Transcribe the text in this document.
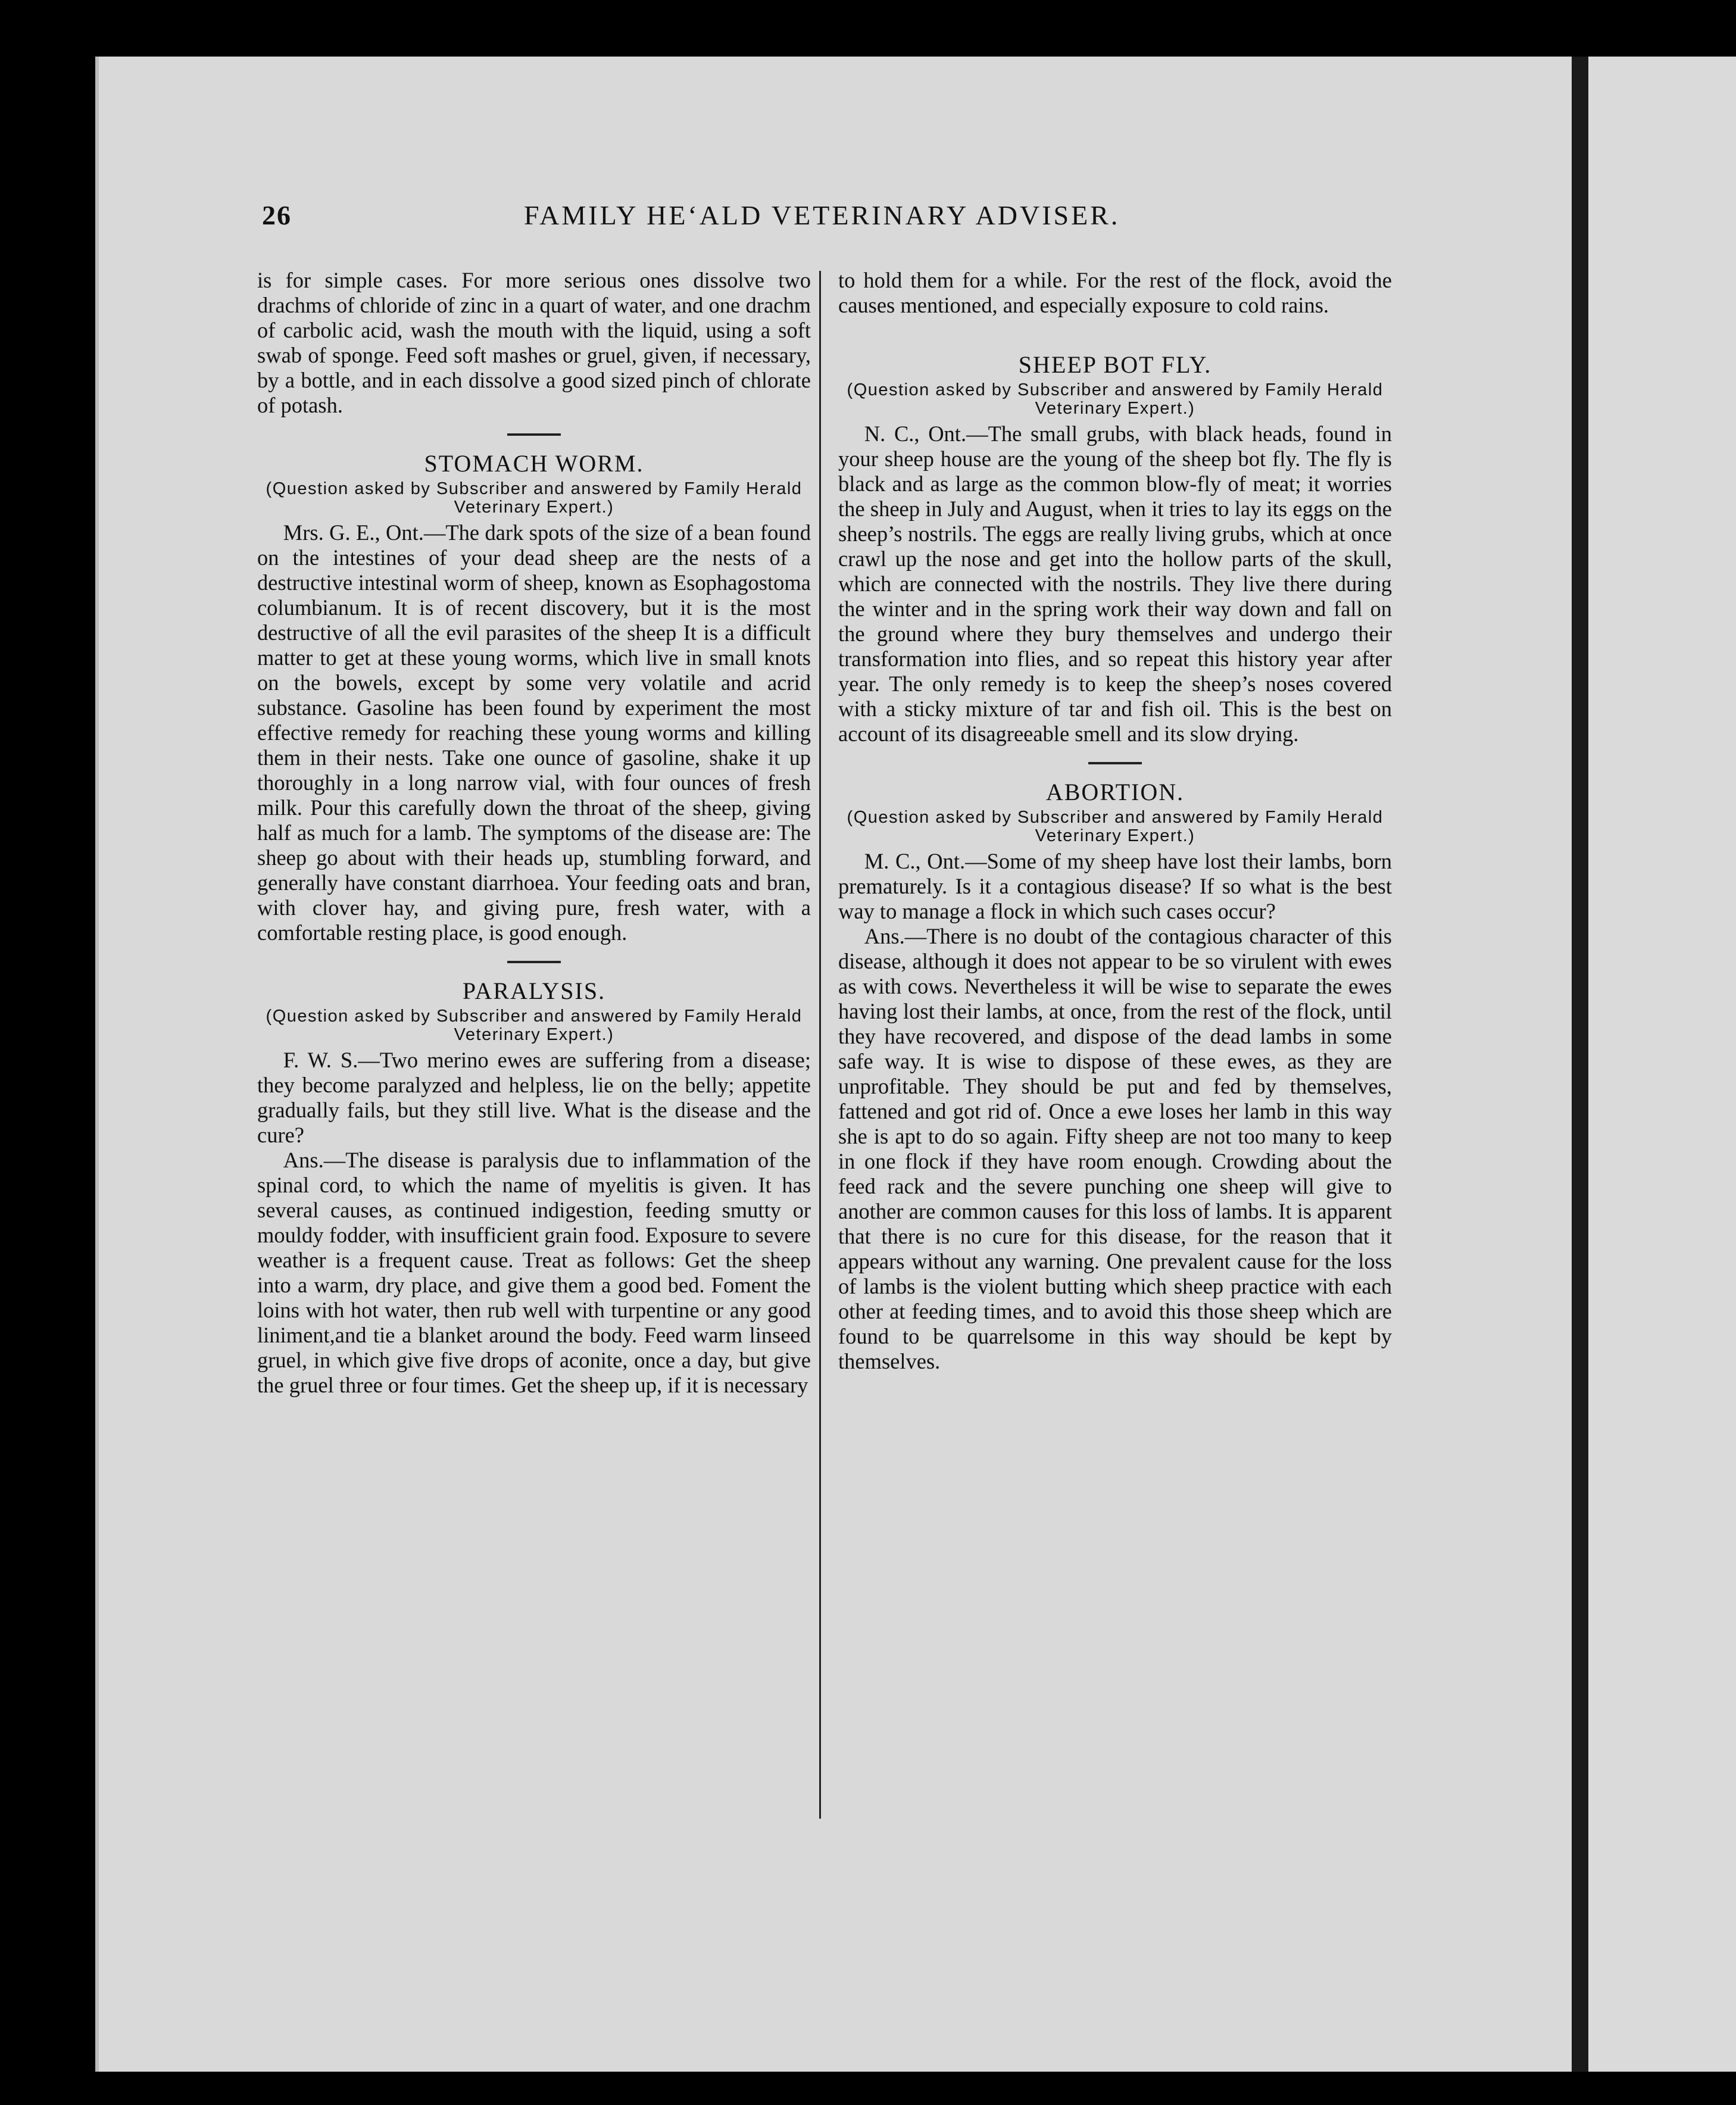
26	FAMILY HE‘ALD VETERINARY ADVISER.

is for simple cases. For more serious ones dissolve two drachms of chloride of zinc in a quart of water, and one drachm of carbolic acid, wash the mouth with the liquid, using a soft swab of sponge. Feed soft mashes or gruel, given, if necessary, by a bottle, and in each dissolve a good sized pinch of chlorate of potash.

STOMACH WORM.
(Question asked by Subscriber and answered by Family Herald Veterinary Expert.)

Mrs. G. E., Ont.—The dark spots of the size of a bean found on the intestines of your dead sheep are the nests of a destructive intestinal worm of sheep, known as Esophagostoma columbianum. It is of recent discovery, but it is the most destructive of all the evil parasites of the sheep It is a difficult matter to get at these young worms, which live in small knots on the bowels, except by some very volatile and acrid substance. Gasoline has been found by experiment the most effective remedy for reaching these young worms and killing them in their nests. Take one ounce of gasoline, shake it up thoroughly in a long narrow vial, with four ounces of fresh milk. Pour this carefully down the throat of the sheep, giving half as much for a lamb. The symptoms of the disease are: The sheep go about with their heads up, stumbling forward, and generally have constant diarrhoea. Your feeding oats and bran, with clover hay, and giving pure, fresh water, with a comfortable resting place, is good enough.

PARALYSIS.
(Question asked by Subscriber and answered by Family Herald Veterinary Expert.)

F. W. S.—Two merino ewes are suffering from a disease; they become paralyzed and helpless, lie on the belly; appetite gradually fails, but they still live. What is the disease and the cure?

Ans.—The disease is paralysis due to inflammation of the spinal cord, to which the name of myelitis is given. It has several causes, as continued indigestion, feeding smutty or mouldy fodder, with insufficient grain food. Exposure to severe weather is a frequent cause. Treat as follows: Get the sheep into a warm, dry place, and give them a good bed. Foment the loins with hot water, then rub well with turpentine or any good liniment,and tie a blanket around the body. Feed warm linseed gruel, in which give five drops of aconite, once a day, but give the gruel three or four times. Get the sheep up, if it is necessary

to hold them for a while. For the rest of the flock, avoid the causes mentioned, and especially exposure to cold rains.

SHEEP BOT FLY.
(Question asked by Subscriber and answered by Family Herald Veterinary Expert.)

N. C., Ont.—The small grubs, with black heads, found in your sheep house are the young of the sheep bot fly. The fly is black and as large as the common blow-fly of meat; it worries the sheep in July and August, when it tries to lay its eggs on the sheep’s nostrils. The eggs are really living grubs, which at once crawl up the nose and get into the hollow parts of the skull, which are connected with the nostrils. They live there during the winter and in the spring work their way down and fall on the ground where they bury themselves and undergo their transformation into flies, and so repeat this history year after year. The only remedy is to keep the sheep’s noses covered with a sticky mixture of tar and fish oil. This is the best on account of its disagreeable smell and its slow drying.

ABORTION.
(Question asked by Subscriber and answered by Family Herald Veterinary Expert.)

M. C., Ont.—Some of my sheep have lost their lambs, born prematurely. Is it a contagious disease? If so what is the best way to manage a flock in which such cases occur?

Ans.—There is no doubt of the contagious character of this disease, although it does not appear to be so virulent with ewes as with cows. Nevertheless it will be wise to separate the ewes having lost their lambs, at once, from the rest of the flock, until they have recovered, and dispose of the dead lambs in some safe way. It is wise to dispose of these ewes, as they are unprofitable. They should be put and fed by themselves, fattened and got rid of. Once a ewe loses her lamb in this way she is apt to do so again. Fifty sheep are not too many to keep in one flock if they have room enough. Crowding about the feed rack and the severe punching one sheep will give to another are common causes for this loss of lambs. It is apparent that there is no cure for this disease, for the reason that it appears without any warning. One prevalent cause for the loss of lambs is the violent butting which sheep practice with each other at feeding times, and to avoid this those sheep which are found to be quarrelsome in this way should be kept by themselves.
